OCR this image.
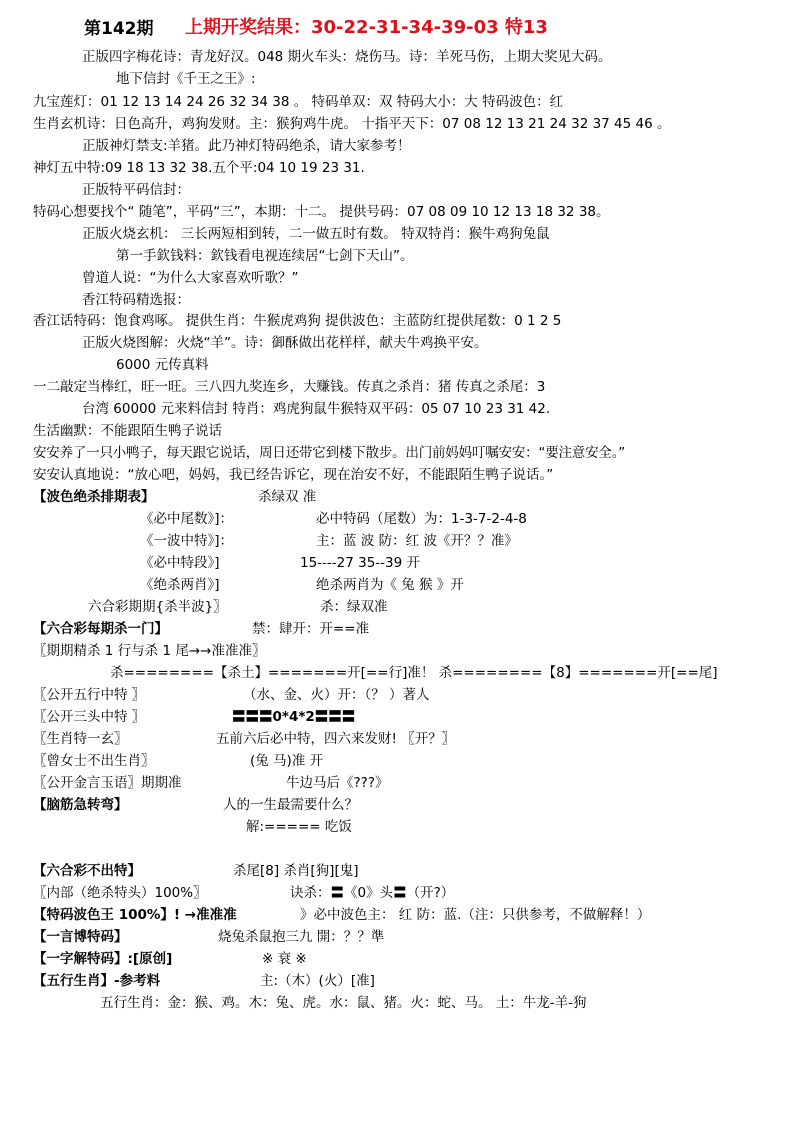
第142期 上期开奖结果：30-22-31-34-39-03 特13
正版四字梅花诗：青龙好汉。048 期火车头：烧伤马。诗：羊死马伤，上期大奖见大码。
地下信封《千王之王》:
九宝莲灯：01 12 13 14 24 26 32 34 38 。 特码单双：双 特码大小：大 特码波色：红
生肖玄机诗：日色高升，鸡狗发财。主：猴狗鸡牛虎。 十指平天下：07 08 12 13 21 24 32 37 45 46 。
正版神灯禁支:羊猪。此乃神灯特码绝杀，请大家参考！
神灯五中特:09 18 13 32 38.五个平:04 10 19 23 31.
正版特平码信封：
特码心想要找个“ 随笔”，平码“三”，本期：十二。 提供号码：07 08 09 10 12 13 18 32 38。
正版火烧玄机： 三长两短相到转，二一做五时有数。 特双特肖：猴牛鸡狗兔鼠
第一手欽钱料：欽钱看电视连续居“七剑下天山”。
曾道人说：“为什么大家喜欢听歌？”
香江特码精选报：
香江话特码：饱食鸡啄。 提供生肖：牛猴虎鸡狗 提供波色：主蓝防红提供尾数：0 1 2 5
正版火烧图解：火烧“羊”。诗：御酥做出花样样，献夫牛鸡换平安。
6000 元传真料
一二敲定当棒红，旺一旺。三八四九奖连乡，大赚钱。传真之杀肖：猪 传真之杀尾：3
台湾 60000 元来料信封 特肖：鸡虎狗鼠牛猴特双平码：05 07 10 23 31 42.
生活幽默：不能跟陌生鸭子说话
安安养了一只小鸭子，每天跟它说话，周日还带它到楼下散步。出门前妈妈叮嘱安安：“要注意安全。”
安安认真地说：“放心吧，妈妈，我已经告诉它，现在治安不好，不能跟陌生鸭子说话。”
【波色绝杀排期表】	杀绿双 准
《必中尾数》]：	必中特码（尾数）为：1-3-7-2-4-8
《一波中特》]：	主：蓝 波 防：红 波《开？？准》
《必中特段》]	15----27 35--39 开
《绝杀两肖》]	绝杀两肖为《 兔 猴 》开
六合彩期期{杀半波}〗	杀：绿双准
【六合彩每期杀一门】	禁：肆开：开==准
〖期期精杀 1 行与杀 1 尾→→准准准〗
杀========【杀土】=======开[==行]准！ 杀========【8】=======开[==尾]
〖公开五行中特 〗	（水、金、火）开：（？ ）著人
〖公开三头中特 〗	〓〓〓0*4*2〓〓〓
〖生肖特一玄〗	五前六后必中特，四六来发财! 〖开？〗
〖曾女士不出生肖〗	(兔 马)准 开
〖公开金言玉语〗期期准	牛边马后《???》
【脑筋急转弯】	人的一生最需要什么？
解:===== 吃饭
【六合彩不出特】	杀尾[8] 杀肖[狗][鬼]
〖内部（绝杀特头）100%〗	诀杀：〓《0》头〓（开?）
【特码波色王 100%】! →准准准	》必中波色主： 红 防：蓝.（注：只供参考，不做解释！）
【一言博特码】	烧兔杀鼠抱三九 開：？？準
【一字解特码】:[原创]	※ 衰 ※
【五行生肖】-参考料	主:（木）(火）[准]
五行生肖：金：猴、鸡。木：兔、虎。水：鼠、猪。火：蛇、马。 土：牛龙-羊-狗
